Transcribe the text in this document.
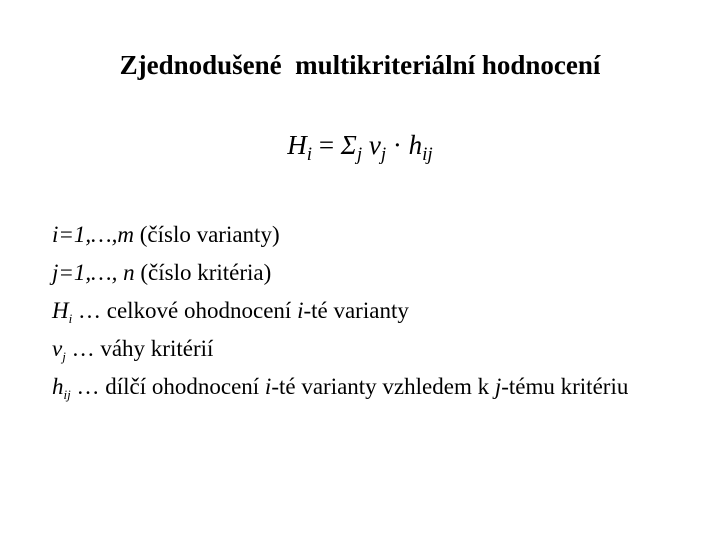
Zjednodušené  multikriteriální hodnocení
$H_i = \Sigma_j$ $v_j \cdot h_{ij}$
i=1,…,m (číslo varianty)
j=1,…, n (číslo kritéria)
$H_i$ … celkové ohodnocení i-té varianty
$v_j$ … váhy kritérií
$h_{ij}$ … dílčí ohodnocení i-té varianty vzhledem k j-tému kritériu
